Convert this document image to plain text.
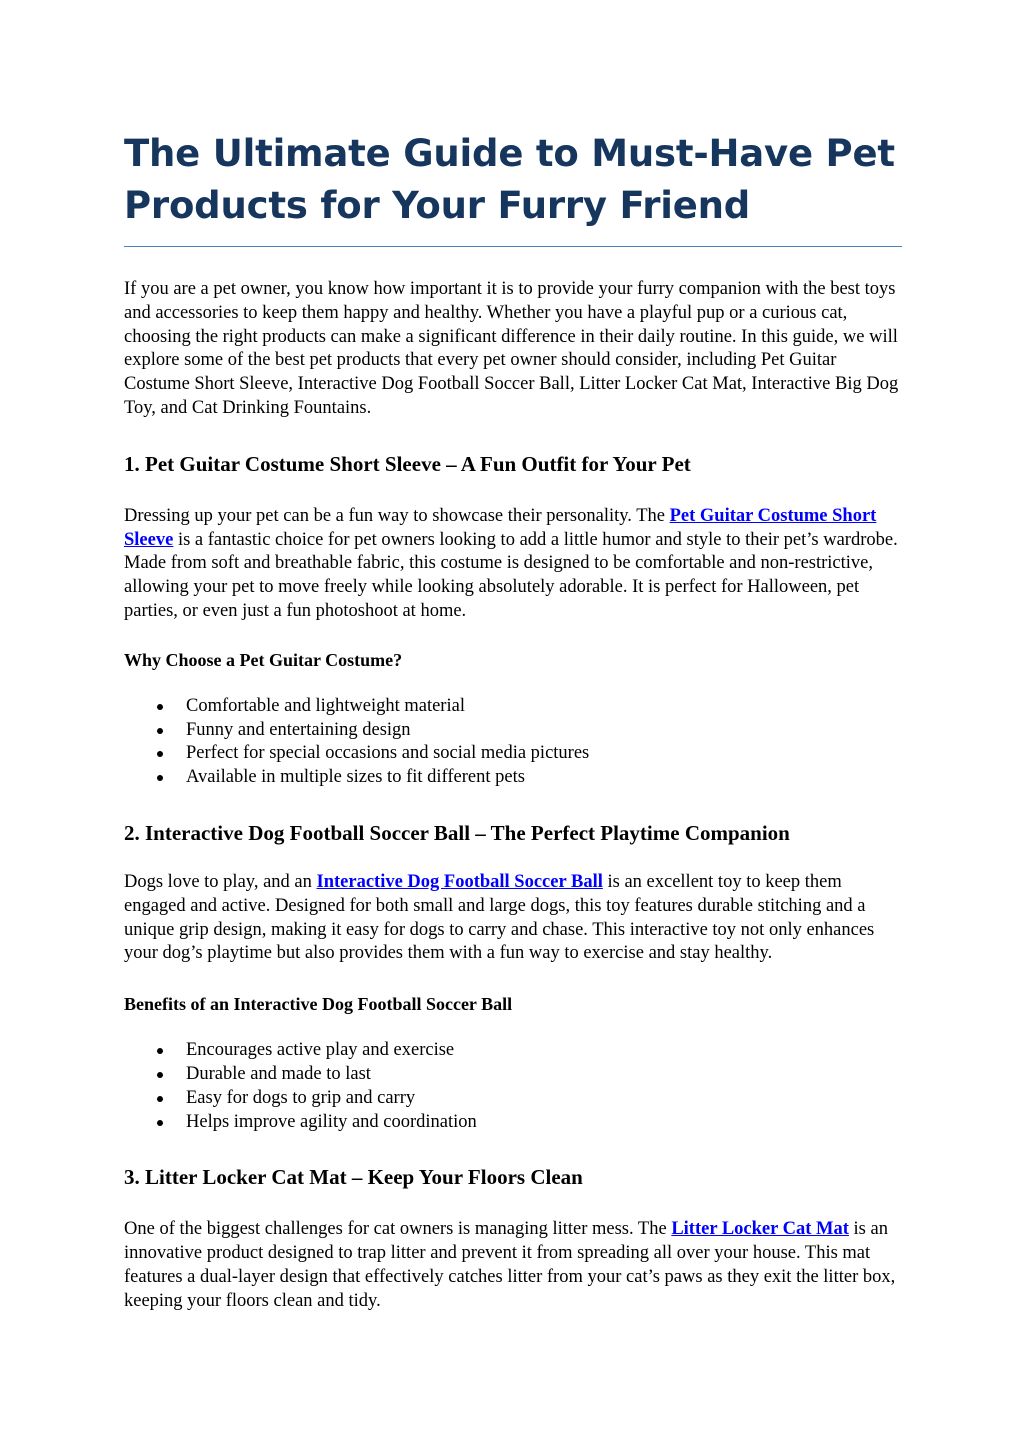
The Ultimate Guide to Must-Have Pet Products for Your Furry Friend

If you are a pet owner, you know how important it is to provide your furry companion with the best toys and accessories to keep them happy and healthy. Whether you have a playful pup or a curious cat, choosing the right products can make a significant difference in their daily routine. In this guide, we will explore some of the best pet products that every pet owner should consider, including Pet Guitar Costume Short Sleeve, Interactive Dog Football Soccer Ball, Litter Locker Cat Mat, Interactive Big Dog Toy, and Cat Drinking Fountains.

1. Pet Guitar Costume Short Sleeve – A Fun Outfit for Your Pet

Dressing up your pet can be a fun way to showcase their personality. The Pet Guitar Costume Short Sleeve is a fantastic choice for pet owners looking to add a little humor and style to their pet’s wardrobe. Made from soft and breathable fabric, this costume is designed to be comfortable and non-restrictive, allowing your pet to move freely while looking absolutely adorable. It is perfect for Halloween, pet parties, or even just a fun photoshoot at home.

Why Choose a Pet Guitar Costume?
Comfortable and lightweight material
Funny and entertaining design
Perfect for special occasions and social media pictures
Available in multiple sizes to fit different pets
2. Interactive Dog Football Soccer Ball – The Perfect Playtime Companion

Dogs love to play, and an Interactive Dog Football Soccer Ball is an excellent toy to keep them engaged and active. Designed for both small and large dogs, this toy features durable stitching and a unique grip design, making it easy for dogs to carry and chase. This interactive toy not only enhances your dog’s playtime but also provides them with a fun way to exercise and stay healthy.

Benefits of an Interactive Dog Football Soccer Ball
Encourages active play and exercise
Durable and made to last
Easy for dogs to grip and carry
Helps improve agility and coordination
3. Litter Locker Cat Mat – Keep Your Floors Clean

One of the biggest challenges for cat owners is managing litter mess. The Litter Locker Cat Mat is an innovative product designed to trap litter and prevent it from spreading all over your house. This mat features a dual-layer design that effectively catches litter from your cat’s paws as they exit the litter box, keeping your floors clean and tidy.
